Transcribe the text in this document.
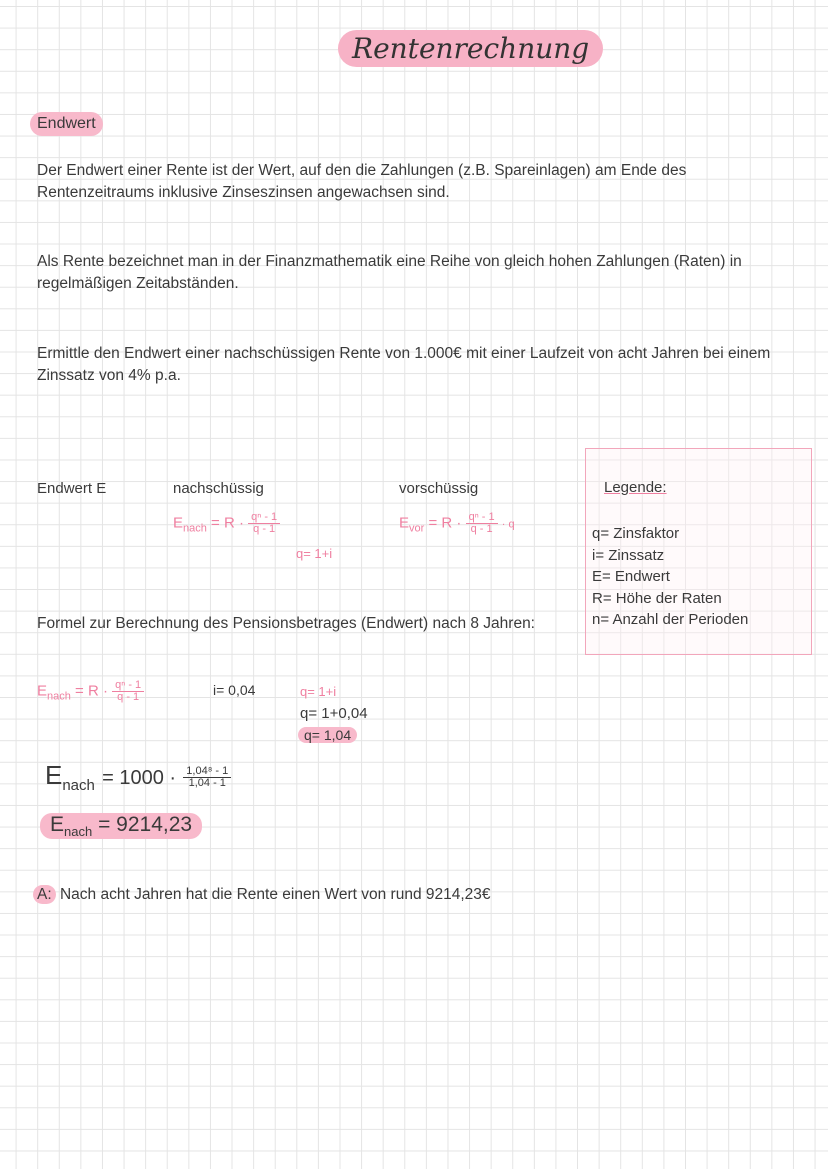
Rentenrechnung
Endwert
Der Endwert einer Rente ist der Wert, auf den die Zahlungen (z.B. Spareinlagen) am Ende des Rentenzeitraums inklusive Zinseszinsen angewachsen sind.
Als Rente bezeichnet man in der Finanzmathematik eine Reihe von gleich hohen Zahlungen (Raten) in regelmäßigen Zeitabständen.
Ermittle den Endwert einer nachschüssigen Rente von 1.000€ mit einer Laufzeit von acht Jahren bei einem Zinssatz von 4% p.a.
Endwert E	nachschüssig	vorschüssig
$E_{nach} = R \cdot \frac{\text{qⁿ - 1}}{q - 1}$
q= 1+i
$E_{vor} = R \cdot \frac{\text{qⁿ - 1}}{q - 1} \cdot q$
Legende:
q= Zinsfaktor
i= Zinssatz
E= Endwert
R= Höhe der Raten
n= Anzahl der Perioden
Formel zur Berechnung des Pensionsbetrages (Endwert) nach 8 Jahren:
$E_{nach} = R \cdot \frac{\text{qⁿ - 1}}{q - 1}$	i= 0,04	q= 1+i
q= 1+0,04
q= 1,04
$E_{nach} = 1000 \cdot \frac{\text{1,04⁸ - 1}}{1,04 - 1}$
$E_{nach} = 9214,23$
A: Nach acht Jahren hat die Rente einen Wert von rund 9214,23€
